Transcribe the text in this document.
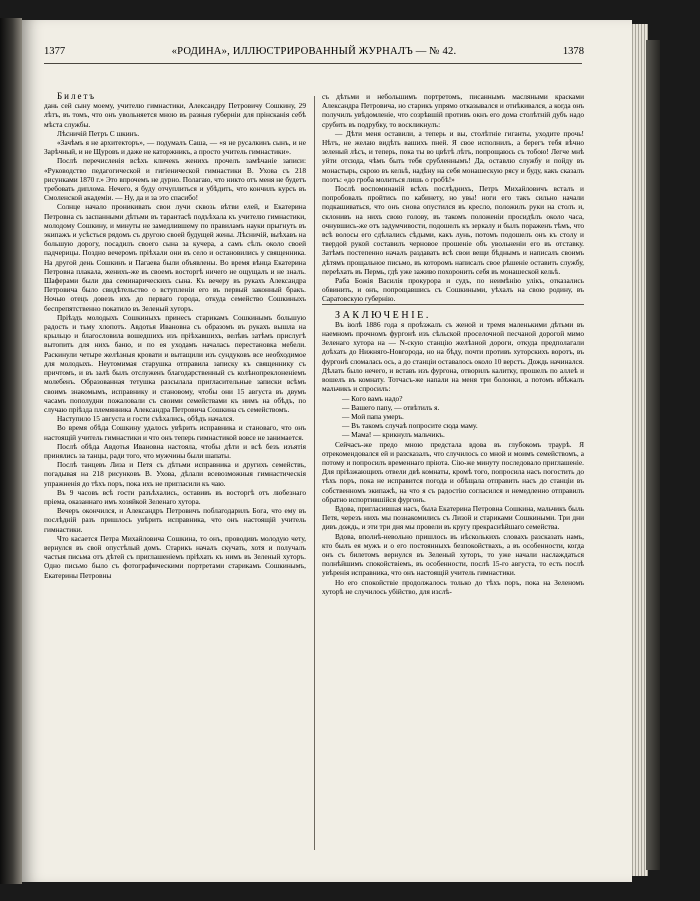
1377	«РОДИНА», ИЛЛЮСТРИРОВАННЫЙ ЖУРНАЛЪ — № 42.	1378

Билетъ

дань сей сыну моему, учителю гимнастики, Александру Петровичу Сошкину, 29 лѣтъ, въ томъ, что онъ увольняется мною въ разныя губерніи для прінсканія себѣ мѣста службы.

Лѣсничій Петръ С шкинъ.

«Зачѣмъ я не архитекторъ», — подумалъ Саша, — «я не русалкинъ сынъ, и не Зарѣчный, и не Щуровъ и даже не каторжникъ, а просто учитель гимнастики».

Послѣ перечисленія всѣхъ кличекъ женихъ прочелъ замѣчаніе записи: «Руководство педагогической и гигіенической гимнастики В. Ухова съ 218 рисунками 1870 г.» Это впрочемъ не дурно. Полагаю, что никто отъ меня не будетъ требовать диплома. Нечего, я буду отчуплиться и убѣдить, что кончилъ курсъ въ Смоленской академіи. — Ну, да и за это спасибо!

Солнце начало проникивать свои лучи сквозь вѣтви елей, и Екатерина Петровна съ заспанными дѣтьми въ тарантасѣ подъѣхала къ учителю гимнастики, молодому Сошкину, и минуты не замедлившему по правиламъ науки прыгнуть въ экипажъ и усѣсться рядомъ съ другою своей будущей жены. Лѣсничій, выѣхавъ на большую дорогу, посадилъ своего сына за кучера, а самъ сѣлъ около своей падчерицы. Поздно вечеромъ пріѣхали они въ село и остановились у священника. На другой день Сошкинъ и Пагаева были объявлены. Во время вѣнца Екатерина Петровна плакала, женихъ-же въ своемъ восторгѣ ничего не ощущалъ и не зналъ. Шаферами были два семинарическихъ сына. Къ вечеру въ рукахъ Александра Петровича было свидѣтельство о вступленіи его въ первый законный бракъ. Ночью отецъ довезъ ихъ до перваго города, откуда семейство Сошкиныхъ беспрепятственно покатило въ Зеленый хуторъ.

Пріѣздъ молодыхъ Сошкиныхъ принесъ старикамъ Сошкинымъ большую радость и тьму хлопотъ. Авдотья Ивановна съ образомъ въ рукахъ вышла на крыльцо и благословила вошедшихъ изъ пріѣхавшихъ, велѣвъ затѣмъ прислугѣ вытопить для нихъ баню, и по ея уходамъ началась перестановка мебели. Раскинули четыре желѣзныя кровати и вытащили изъ сундуковъ все необходимое для молодыхъ. Неутомимая старушка отправила записку къ священнику съ причтомъ, и въ залѣ былъ отслуженъ благодарственный съ колѣнопреклоненіемъ молебенъ. Образованная тетушка разсылала пригласительные записки всѣмъ своимъ знакомымъ, исправнику и становому, чтобы они 15 августа въ двумъ часамъ пополудни пожаловали съ своими семействами къ нимъ на обѣдъ, по случаю пріѣзда племянника Александра Петровича Сошкина съ семействомъ.

Наступило 15 августа и гости съѣхались, обѣдъ начался.

Во время обѣда Сошкину удалось увѣрить исправника и становаго, что онъ настоящій учитель гимнастики и что онъ теперь гимнастикой вовсе не занимается.

Послѣ обѣда Авдотья Ивановна настояла, чтобы дѣти и всѣ безъ изъятія принялись за танцы, ради того, что мужчины были шапаты.

Послѣ танцевъ Лиза и Петя съ дѣтьми исправника и другихъ семействъ, погадывая на 218 рисунковъ В. Ухова, дѣлали всевозможныя гимнастическія упражненія до тѣхъ поръ, пока ихъ не пригласили къ чаю.

Въ 9 часовъ всѣ гости разъѣхались, оставивъ въ восторгѣ отъ любезнаго пріема, оказаннаго имъ хозяйкой Зеленаго хутора.

Вечеръ окончился, и Александръ Петровичъ поблагодарилъ Бога, что ему въ послѣдній разъ пришлось увѣрить исправника, что онъ настоящій учитель гимнастики.

Что касается Петра Михайловича Сошкина, то онъ, проводивъ молодую чету, вернулся въ свой опустѣлый домъ. Старикъ началъ скучать, хотя и получалъ частыя письма отъ дѣтей съ приглашеніемъ пріѣхать къ нимъ въ Зеленый хуторъ. Одно письмо было съ фотографическими портретами старикамъ Сошкинымъ, Екатерины Петровны

съ дѣтьми и небольшимъ портретомъ, писаннымъ масляными красками Александра Петровича, но старикъ упрямо отказывался и отнѣкивался, а когда онъ получилъ увѣдомленіе, что созрѣвшій противъ окнъ его дома столѣтній дубъ надо срубить въ подрубку, то воскликнулъ:

— Дѣти меня оставили, а теперь и вы, столѣтніе гиганты, уходите прочь! Нѣтъ, не желаю видѣть вашихъ пней. Я свое исполнилъ, а берегъ тебя вѣчно зеленый лѣсъ, и теперь, пока ты во цвѣтѣ лѣтъ, попрощаюсь съ тобою! Легче мнѣ уйти отсюда, чѣмъ быть тебя срубленнымъ! Да, оставлю службу и пойду въ монастырь, скрою въ кельѣ, надѣну на себя монашескую рясу и буду, какъ сказалъ поэтъ: «до гроба молиться лишь о гробѣ!»

Послѣ воспоминаній всѣхъ послѣднихъ, Петръ Михайловичъ всталъ и попробовалъ пройтись по кабинету, но увы! ноги его такъ сильно начали подкашиваться, что онъ снова опустился въ кресло, положилъ руки на столъ и, склонивъ на нихъ свою голову, въ такомъ положеніи просидѣлъ около часа, очнувшись-же отъ задумчивости, подошелъ къ зеркалу и былъ пораженъ тѣмъ, что всѣ волосы его сдѣлались сѣдыми, какъ лунь, потомъ подошелъ онъ къ столу и твердой рукой составилъ черновое прошеніе объ увольненіи его въ отставку. Затѣмъ постепенно началъ раздавать всѣ свои вещи бѣднымъ и написалъ своимъ дѣтямъ прощальное письмо, въ которомъ написалъ свое рѣшеніе оставить службу, переѣхать въ Пермь, гдѣ уже заживо похоронить себя въ монашеской кельѣ.

Раба Божія Василія прокурора и судъ, по неимѣнію улікъ, отказались обвинить, и онъ, попрощавшись съ Сошкиными, уѣхалъ на свою родину, въ Саратовскую губернію.

ЗАКЛЮЧЕНІЕ.

Въ іюлѣ 1886 года я проѣзжалъ съ женой и тремя маленькими дѣтьми въ наемномъ прочномъ фургонѣ изъ сѣльской проселочной песчаной дорогой мимо Зеленаго хутора на — N-скую станцію желѣзной дороги, откуда предполагали доѣхать до Нижняго-Новгорода, но на бѣду, почти противъ хуторскихъ воротъ, въ фургонѣ сломалась ось, а до станціи оставалось около 10 верстъ. Дождь начинался. Дѣлать было нечего, и вставъ изъ фургона, отворилъ калитку, прошелъ по аллеѣ и вошелъ въ комнату. Тотчасъ-же напали на меня три болонки, а потомъ вбѣжалъ мальчикъ и спросилъ:

— Кого вамъ надо?

— Вашего папу, — отвѣтилъ я.

— Мой папа умеръ.

— Въ такомъ случаѣ попросите сюда маму.

— Мама! — крикнулъ мальчикъ.

Сейчасъ-же предо мною предстала вдова въ глубокомъ траурѣ. Я отрекомендовался ей и разсказалъ, что случилось со мной и моимъ семействомъ, а потому и попросилъ временнаго пріюта. Сію-же минуту последовало приглашеніе. Для пріѣзжающихъ отвели двѣ комнаты, кромѣ того, попросила насъ погостить до тѣхъ поръ, пока не исправится погода и обѣщала отправить насъ до станціи въ собственномъ экипажѣ, на что я съ радостію согласился и немедленно отправилъ обратно испортившійся фургонъ.

Вдова, пригласившая насъ, была Екатерина Петровна Сошкина, мальчикъ быль Петя, черезъ нихъ мы познакомились съ Лизой и стариками Сошкиными. Три дни дивъ дождь, и эти три дня мы провели въ кругу прекраснѣйшаго семейства.

Вдова, вполнѣ-невольно пришлось въ нѣсколькихъ словахъ разсказать намъ, кто былъ ея мужъ и о его постоянныхъ безпокойствахъ, а въ особенности, когда онъ съ билетомъ вернулся въ Зеленый хуторъ, то уже начали наслаждаться полнѣйшимъ спокойствіемъ, въ особенности, послѣ 15-го августа, то есть послѣ увѣренія исправника, что онъ настоящій учитель гимнастики.

Но его спокойствіе продолжалось только до тѣхъ поръ, пока на Зеленомъ хуторѣ не случилось убійство, для изслѣ-
